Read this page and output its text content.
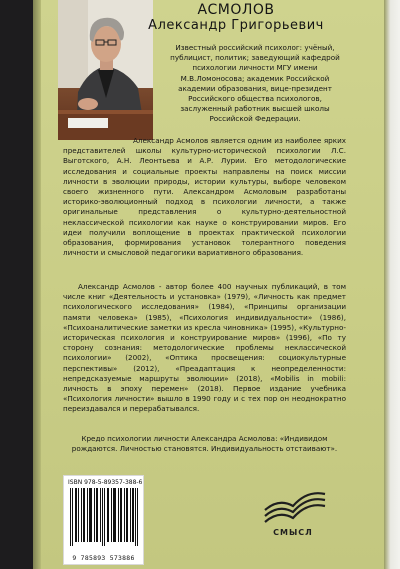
АСМОЛОВ
Александр Григорьевич
Известный российский психолог: учёный, публицист, политик; заведующий кафедрой психологии личности МГУ имени М.В.Ломоносова; академик Российской академии образования, вице-президент Российского общества психологов, заслуженный работник высшей школы Российской Федерации.
Александр Асмолов является одним из наиболее ярких представителей школы культурно-исторической психологии Л.С. Выготского, А.Н. Леонтьева и А.Р. Лурии. Его методологические исследования и социальные проекты направлены на поиск миссии личности в эволюции природы, истории культуры, выборе человеком своего жизненного пути. Александром Асмоловым разработаны историко-эволюционный подход в психологии личности, а также оригинальные представления о культурно-деятельностной неклассической психологии как науке о конструировании миров. Его идеи получили воплощение в проектах практической психологии образования, формирования установок толерантного поведения личности и смысловой педагогики вариативного образования.
Александр Асмолов - автор более 400 научных публикаций, в том числе книг «Деятельность и установка» (1979), «Личность как предмет психологического исследования» (1984), «Принципы организации памяти человека» (1985), «Психология индивидуальности» (1986), «Психоаналитические заметки из кресла чиновника» (1995), «Культурно-историческая психология и конструирование миров» (1996), «По ту сторону сознания: методологические проблемы неклассической психологии» (2002), «Оптика просвещения: социокультурные перспективы» (2012), «Преадаптация к неопределенности: непредсказуемые маршруты эволюции» (2018), «Mobilis in mobili: личность в эпоху перемен» (2018). Первое издание учебника «Психология личности» вышло в 1990 году и с тех пор он неоднократно переиздавался и перерабатывался.
Кредо психологии личности Александра Асмолова: «Индивидом рождаются. Личностью становятся. Индивидуальность отстаивают».
ISBN 978-5-89357-388-6
9 785893 573886
СМЫСЛ
